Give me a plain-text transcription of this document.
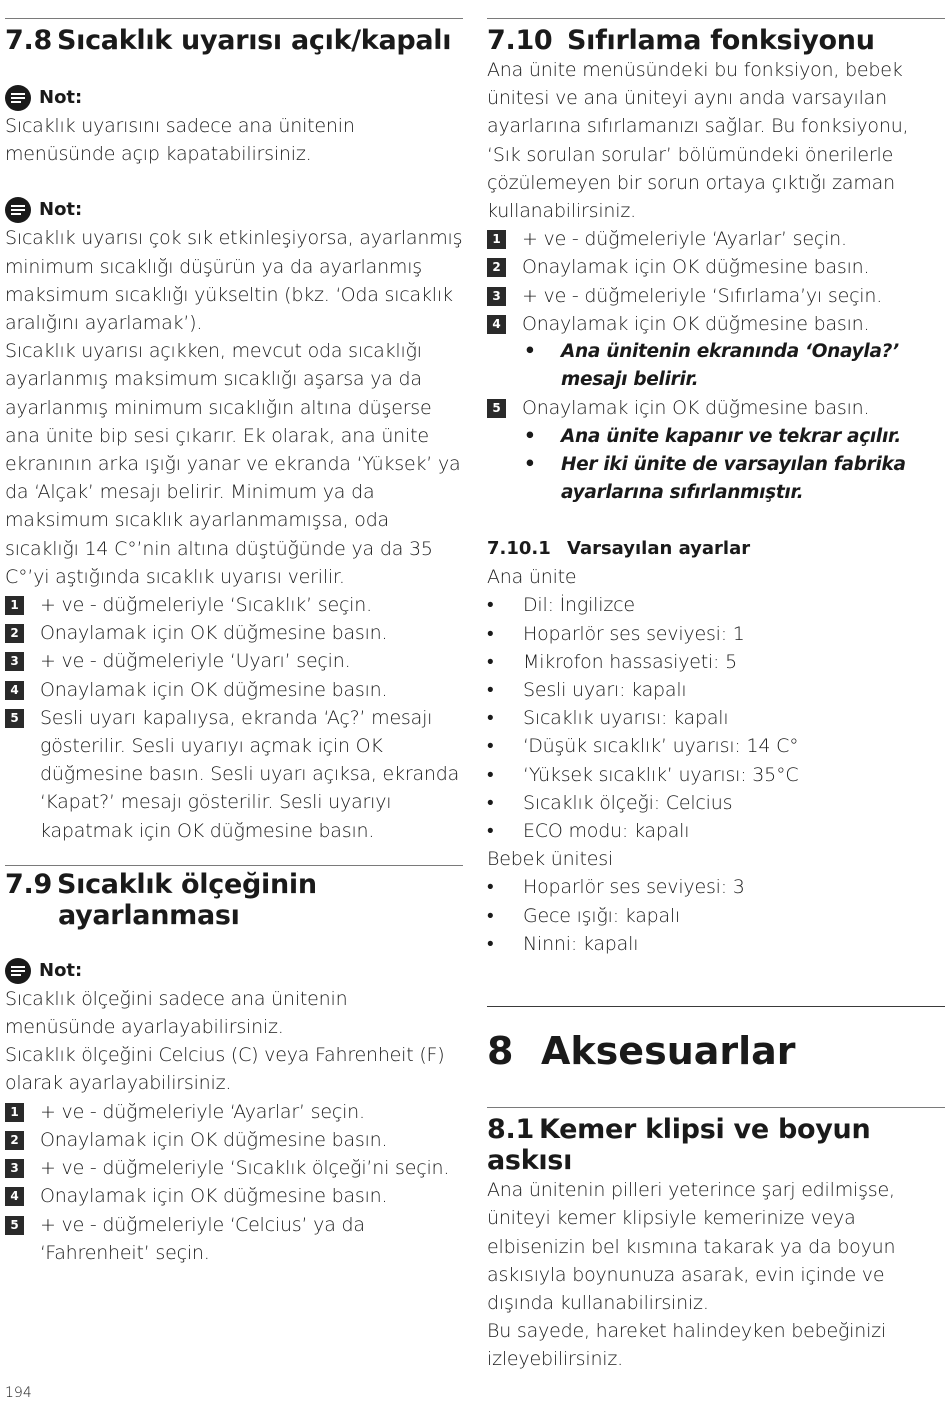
7.8 Sıcaklık uyarısı açık/kapalı
Not:

Sıcaklık uyarısını sadece ana ünitenin menüsünde açıp kapatabilirsiniz.

Not:

Sıcaklık uyarısı çok sık etkinleşiyorsa, ayarlanmış minimum sıcaklığı düşürün ya da ayarlanmış maksimum sıcaklığı yükseltin (bkz. ‘Oda sıcaklık aralığını ayarlamak’).

Sıcaklık uyarısı açıkken, mevcut oda sıcaklığı ayarlanmış maksimum sıcaklığı aşarsa ya da ayarlanmış minimum sıcaklığın altına düşerse ana ünite bip sesi çıkarır. Ek olarak, ana ünite ekranının arka ışığı yanar ve ekranda ‘Yüksek’ ya da ‘Alçak’ mesajı belirir. Minimum ya da maksimum sıcaklık ayarlanmamışsa, oda sıcaklığı 14 C°’nin altına düştüğünde ya da 35 C°’yi aştığında sıcaklık uyarısı verilir.

1 + ve - düğmeleriyle ‘Sıcaklık’ seçin.
2 Onaylamak için OK düğmesine basın.
3 + ve - düğmeleriyle ‘Uyarı’ seçin.
4 Onaylamak için OK düğmesine basın.
5 Sesli uyarı kapalıysa, ekranda ‘Aç?’ mesajı gösterilir. Sesli uyarıyı açmak için OK düğmesine basın. Sesli uyarı açıksa, ekranda ‘Kapat?’ mesajı gösterilir. Sesli uyarıyı kapatmak için OK düğmesine basın.
7.9 Sıcaklık ölçeğinin
ayarlanması
Not:

Sıcaklık ölçeğini sadece ana ünitenin menüsünde ayarlayabilirsiniz.

Sıcaklık ölçeğini Celcius (C) veya Fahrenheit (F) olarak ayarlayabilirsiniz.

1 + ve - düğmeleriyle ‘Ayarlar’ seçin.
2 Onaylamak için OK düğmesine basın.
3 + ve - düğmeleriyle ‘Sıcaklık ölçeği’ni seçin.
4 Onaylamak için OK düğmesine basın.
5 + ve - düğmeleriyle ‘Celcius’ ya da ‘Fahrenheit’ seçin.
7.10 Sıfırlama fonksiyonu

Ana ünite menüsündeki bu fonksiyon, bebek ünitesi ve ana üniteyi aynı anda varsayılan ayarlarına sıfırlamanızı sağlar. Bu fonksiyonu, ‘Sık sorulan sorular’ bölümündeki önerilerle çözülemeyen bir sorun ortaya çıktığı zaman kullanabilirsiniz.

1 + ve - düğmeleriyle ‘Ayarlar’ seçin.
2 Onaylamak için OK düğmesine basın.
3 + ve - düğmeleriyle ‘Sıfırlama’yı seçin.
4 Onaylamak için OK düğmesine basın.
•	Ana ünitenin ekranında ‘Onayla?’ mesajı belirir.
5 Onaylamak için OK düğmesine basın.
•	Ana ünite kapanır ve tekrar açılır.
•	Her iki ünite de varsayılan fabrika ayarlarına sıfırlanmıştır.
7.10.1 Varsayılan ayarlar

Ana ünite

•	Dil: İngilizce
•	Hoparlör ses seviyesi: 1
•	Mikrofon hassasiyeti: 5
•	Sesli uyarı: kapalı
•	Sıcaklık uyarısı: kapalı
•	‘Düşük sıcaklık’ uyarısı: 14 C°
•	‘Yüksek sıcaklık’ uyarısı: 35°C
•	Sıcaklık ölçeği: Celcius
•	ECO modu: kapalı

Bebek ünitesi

•	Hoparlör ses seviyesi: 3
•	Gece ışığı: kapalı
•	Ninni: kapalı
8 Aksesuarlar
8.1 Kemer klipsi ve boyun askısı

Ana ünitenin pilleri yeterince şarj edilmişse, üniteyi kemer klipsiyle kemerinize veya elbisenizin bel kısmına takarak ya da boyun askısıyla boynunuza asarak, evin içinde ve dışında kullanabilirsiniz.

Bu sayede, hareket halindeyken bebeğinizi izleyebilirsiniz.

194
